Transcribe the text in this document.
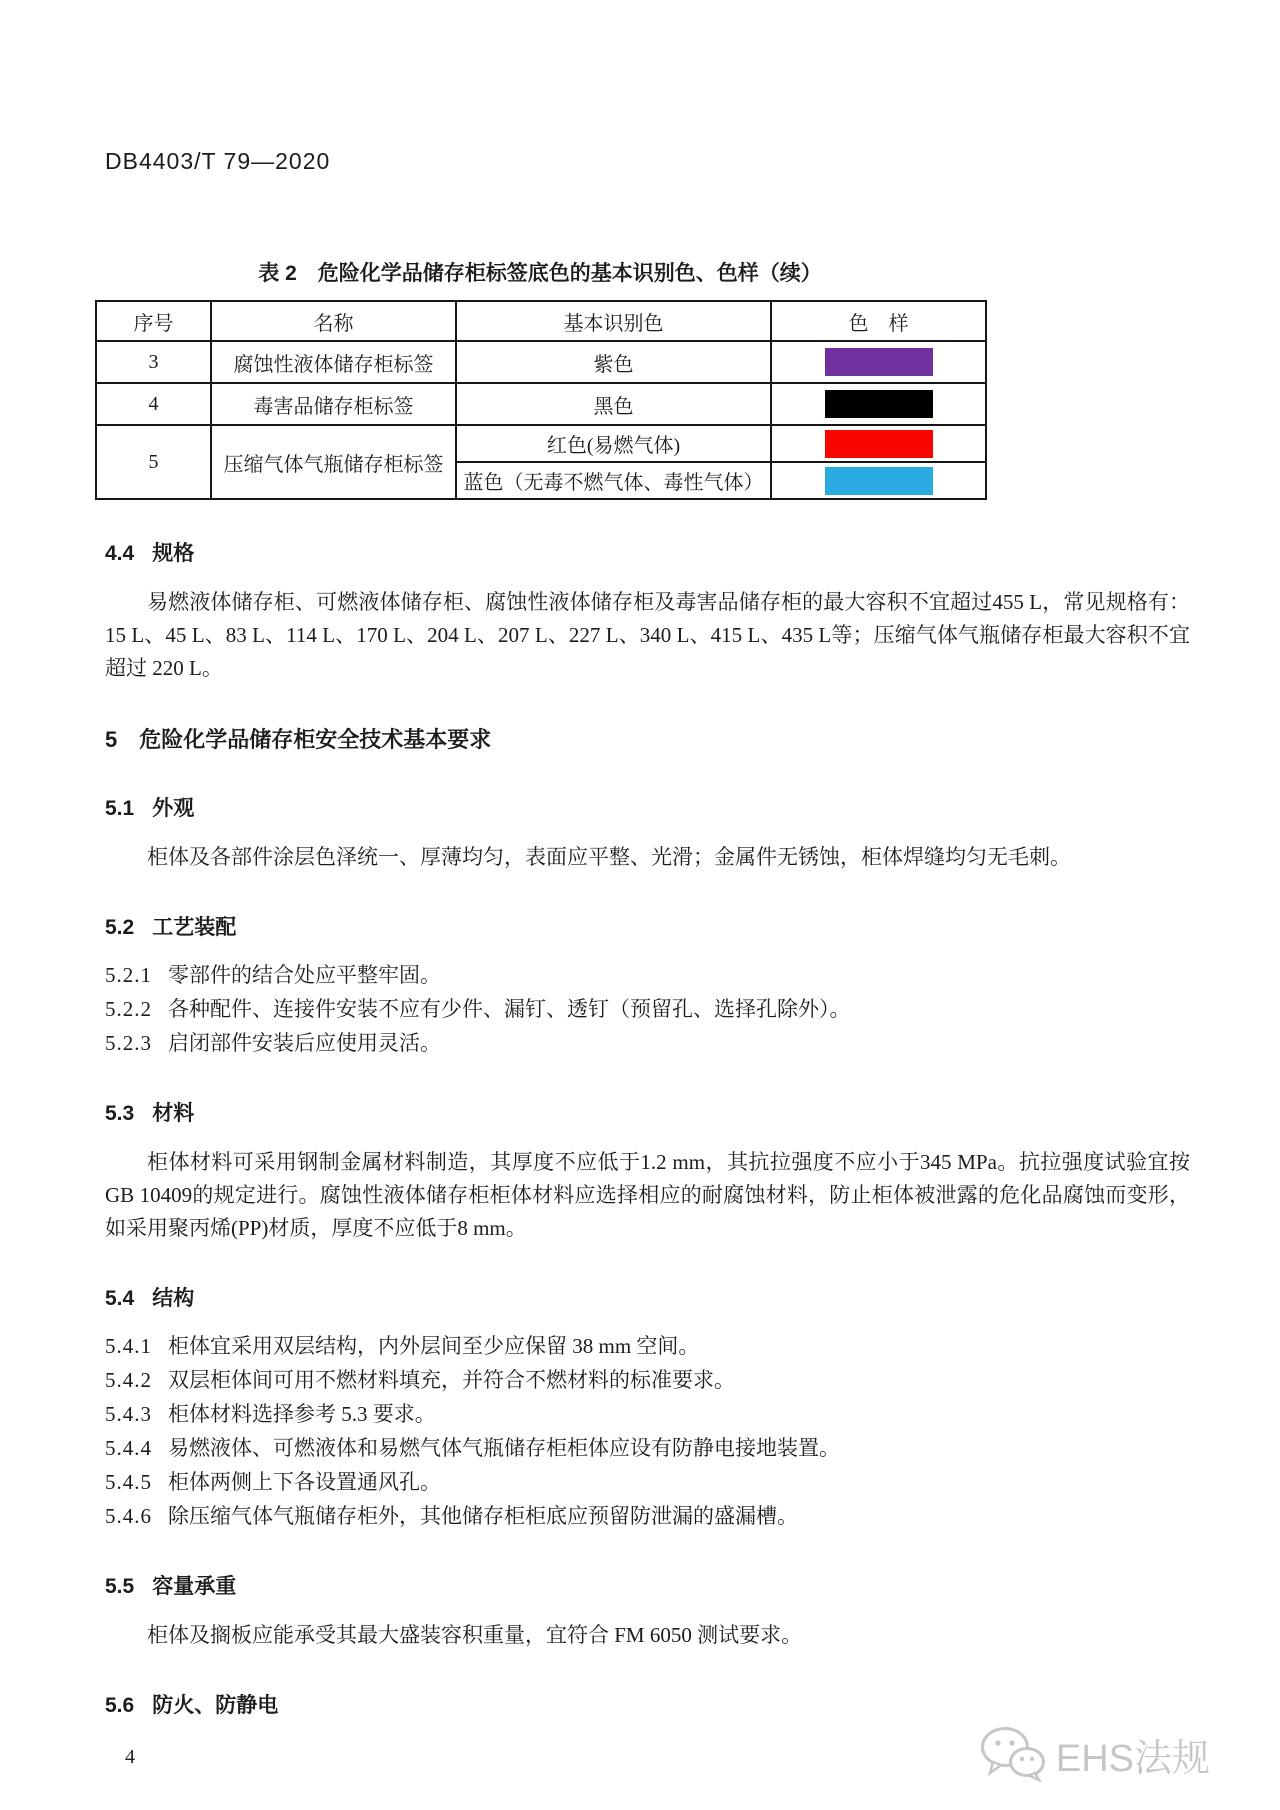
DB4403/T 79—2020
表 2　危险化学品储存柜标签底色的基本识别色、色样（续）
序号	名称	基本识别色	色　样
3	腐蚀性液体储存柜标签	紫色	

4	毒害品储存柜标签	黑色	

5	压缩气体气瓶储存柜标签	红色(易燃气体)	

		蓝色（无毒不燃气体、毒性气体）	
4.4 规格

易燃液体储存柜、可燃液体储存柜、腐蚀性液体储存柜及毒害品储存柜的最大容积不宜超过455 L，常见规格有：15 L、45 L、83 L、114 L、170 L、204 L、207 L、227 L、340 L、415 L、435 L等；压缩气体气瓶储存柜最大容积不宜超过 220 L。

5 危险化学品储存柜安全技术基本要求
5.1 外观

柜体及各部件涂层色泽统一、厚薄均匀，表面应平整、光滑；金属件无锈蚀，柜体焊缝均匀无毛刺。

5.2 工艺装配
5.2.1 零部件的结合处应平整牢固。
5.2.2 各种配件、连接件安装不应有少件、漏钉、透钉（预留孔、选择孔除外）。
5.2.3 启闭部件安装后应使用灵活。
5.3 材料

柜体材料可采用钢制金属材料制造，其厚度不应低于1.2 mm，其抗拉强度不应小于345 MPa。抗拉强度试验宜按GB 10409的规定进行。腐蚀性液体储存柜柜体材料应选择相应的耐腐蚀材料，防止柜体被泄露的危化品腐蚀而变形，如采用聚丙烯(PP)材质，厚度不应低于8 mm。

5.4 结构
5.4.1 柜体宜采用双层结构，内外层间至少应保留 38 mm 空间。
5.4.2 双层柜体间可用不燃材料填充，并符合不燃材料的标准要求。
5.4.3 柜体材料选择参考 5.3 要求。
5.4.4 易燃液体、可燃液体和易燃气体气瓶储存柜柜体应设有防静电接地装置。
5.4.5 柜体两侧上下各设置通风孔。
5.4.6 除压缩气体气瓶储存柜外，其他储存柜柜底应预留防泄漏的盛漏槽。
5.5 容量承重

柜体及搁板应能承受其最大盛装容积重量，宜符合 FM 6050 测试要求。

5.6 防火、防静电
4	EHS法规
